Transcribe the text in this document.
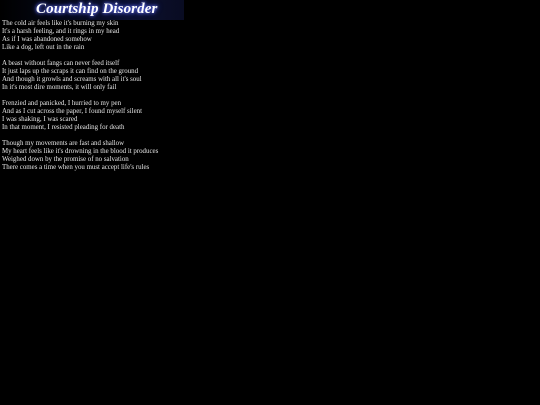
Courtship Disorder
The cold air feels like it's burning my skin
It's a harsh feeling, and it rings in my head
As if I was abandoned somehow
Like a dog, left out in the rain
A beast without fangs can never feed itself
It just laps up the scraps it can find on the ground
And though it growls and screams with all it's soul
In it's most dire moments, it will only fail
Frenzied and panicked, I hurried to my pen
And as I cut across the paper, I found myself silent
I was shaking, I was scared
In that moment, I resisted pleading for death
Though my movements are fast and shallow
My heart feels like it's drowning in the blood it produces
Weighed down by the promise of no salvation
There comes a time when you must accept life's rules
